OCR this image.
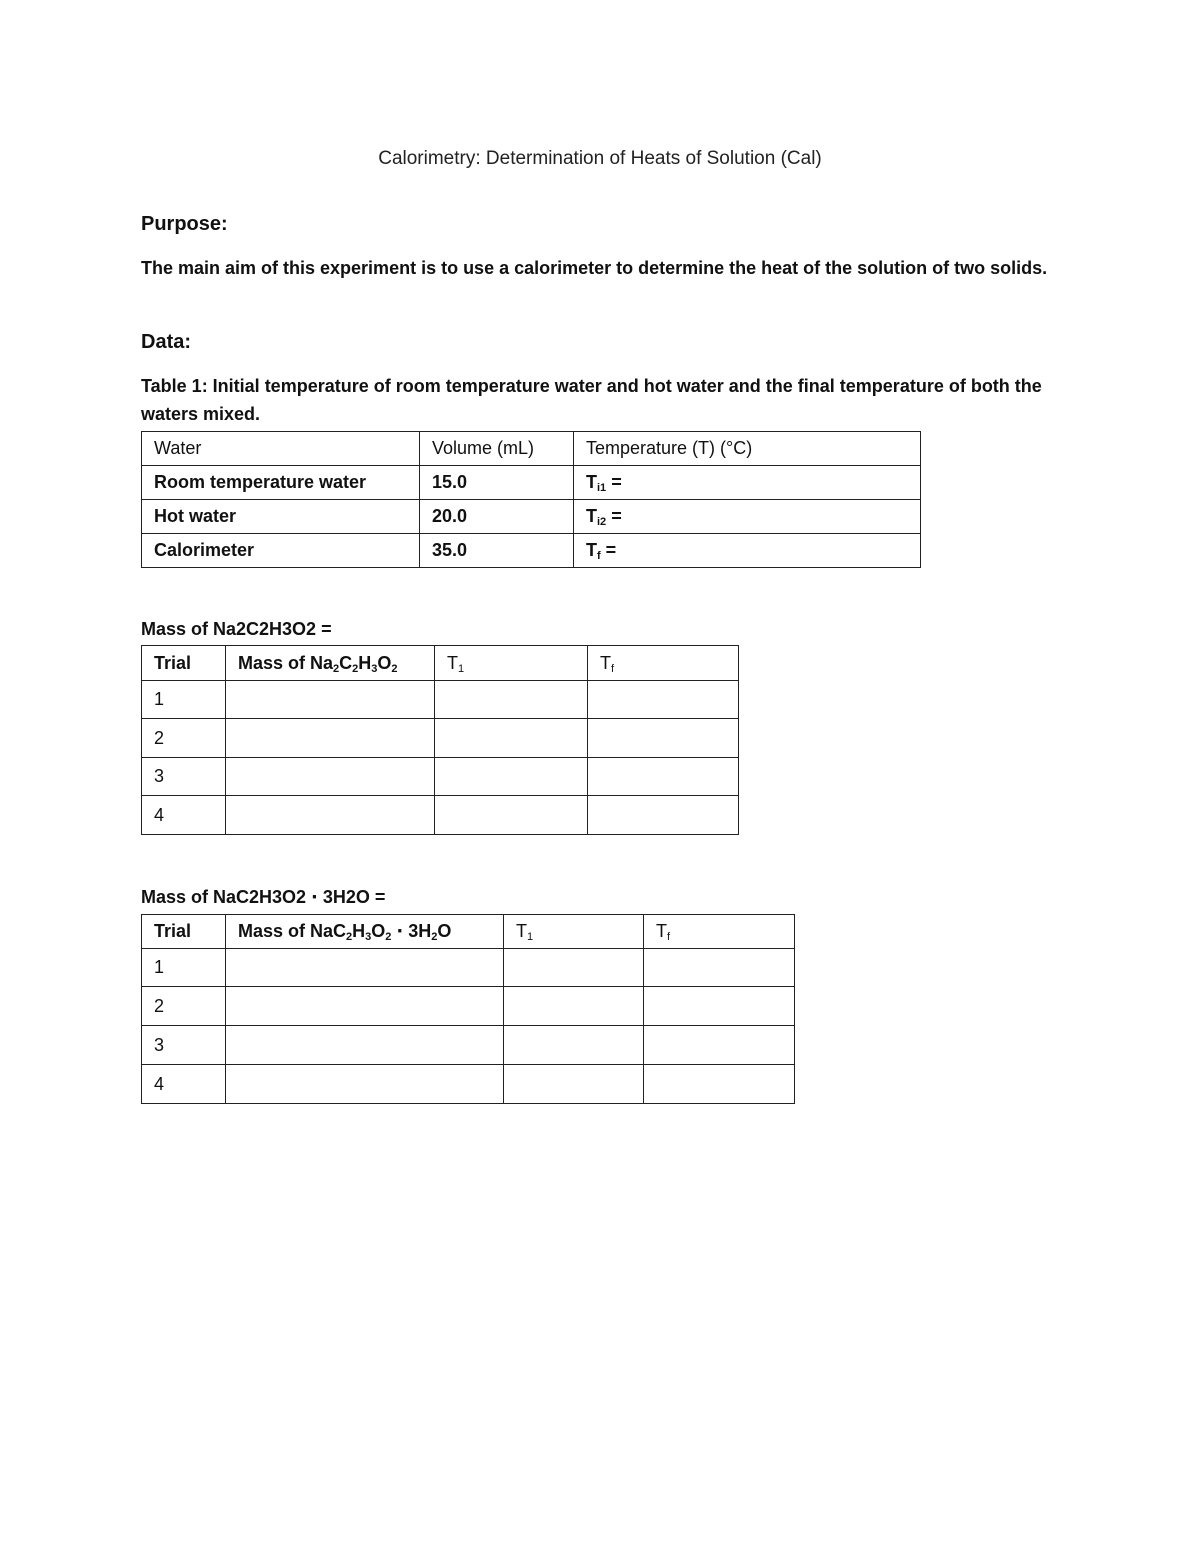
Calorimetry: Determination of Heats of Solution (Cal)
Purpose:
The main aim of this experiment is to use a calorimeter to determine the heat of the solution of two solids.
Data:
Table 1: Initial temperature of room temperature water and hot water and the final temperature of both the waters mixed.
Water	Volume (mL)	Temperature (T) (°C)
Room temperature water	15.0	$T_{i1}$ =
Hot water	20.0	$T_{i2}$ =
Calorimeter	35.0	$T_f$ =
Mass of Na2C2H3O2 =
Trial	Mass of $Na_2C_2H_3O_2$	$T_1$	$T_f$
1			
2			
3			
4			
Mass of NaC2H3O2 ⋅ 3H2O =
Trial	Mass of $NaC_2H_3O_2 \cdot 3H_2O$	$T_1$	$T_f$
1			
2			
3			
4			
